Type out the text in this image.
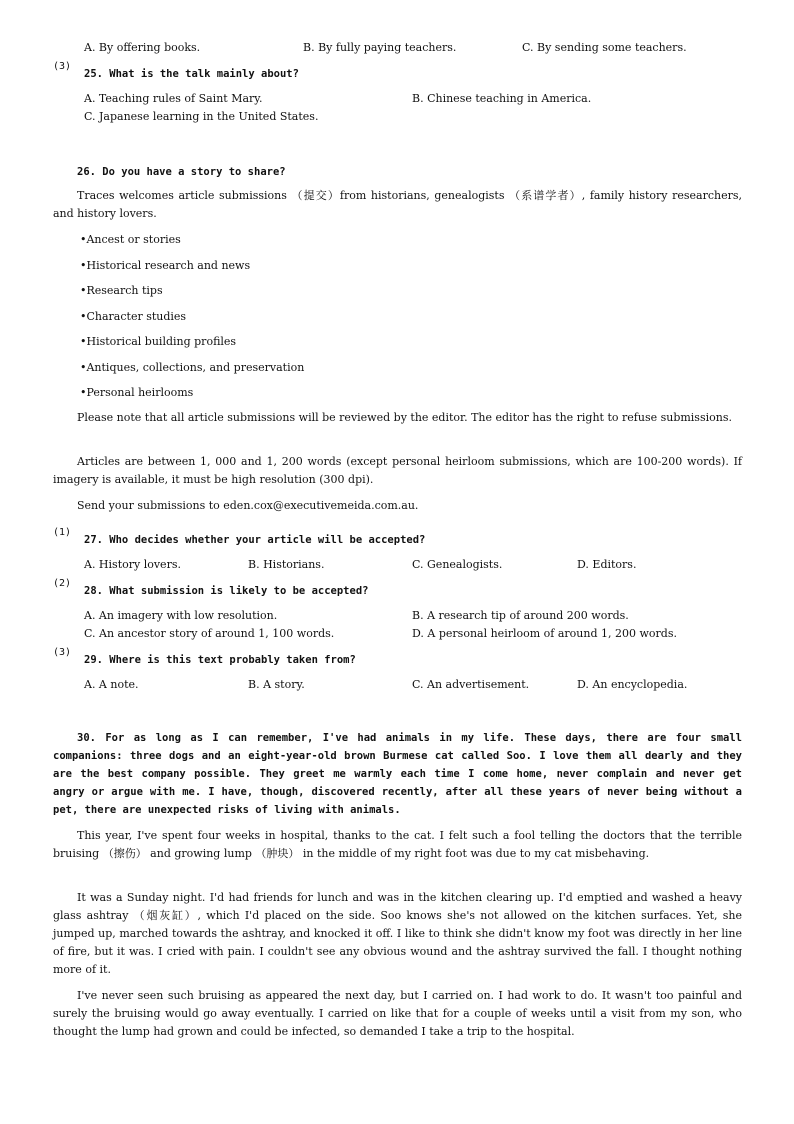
A. By offering books.	B. By fully paying teachers.	C. By sending some teachers.
(3)
25. What is the talk mainly about?
A. Teaching rules of Saint Mary.	B. Chinese teaching in America.
C. Japanese learning in the United States.
26. Do you have a story to share?
Traces welcomes article submissions （提交）from historians, genealogists （系谱学者）, family history researchers, and history lovers.
•Ancest or stories
•Historical research and news
•Research tips
•Character studies
•Historical building profiles
•Antiques, collections, and preservation
•Personal heirlooms
Please note that all article submissions will be reviewed by the editor. The editor has the right to refuse submissions.
Articles are between 1, 000 and 1, 200 words (except personal heirloom submissions, which are 100-200 words). If imagery is available, it must be high resolution (300 dpi).
Send your submissions to eden.cox@executivemeida.com.au.
(1)
27. Who decides whether your article will be accepted?
A. History lovers.	B. Historians.	C. Genealogists.	D. Editors.
(2)
28. What submission is likely to be accepted?
A. An imagery with low resolution.	B. A research tip of around 200 words.
C. An ancestor story of around 1, 100 words.	D. A personal heirloom of around 1, 200 words.
(3)
29. Where is this text probably taken from?
A. A note.	B. A story.	C. An advertisement.	D. An encyclopedia.
30. For as long as I can remember, I've had animals in my life. These days, there are four small companions: three dogs and an eight-year-old brown Burmese cat called Soo. I love them all dearly and they are the best company possible. They greet me warmly each time I come home, never complain and never get angry or argue with me. I have, though, discovered recently, after all these years of never being without a pet, there are unexpected risks of living with animals.
This year, I've spent four weeks in hospital, thanks to the cat. I felt such a fool telling the doctors that the terrible bruising （擦伤） and growing lump （肿块） in the middle of my right foot was due to my cat misbehaving.
It was a Sunday night. I'd had friends for lunch and was in the kitchen clearing up. I'd emptied and washed a heavy glass ashtray （烟灰缸）, which I'd placed on the side. Soo knows she's not allowed on the kitchen surfaces. Yet, she jumped up, marched towards the ashtray, and knocked it off. I like to think she didn't know my foot was directly in her line of fire, but it was. I cried with pain. I couldn't see any obvious wound and the ashtray survived the fall. I thought nothing more of it.
I've never seen such bruising as appeared the next day, but I carried on. I had work to do. It wasn't too painful and surely the bruising would go away eventually. I carried on like that for a couple of weeks until a visit from my son, who thought the lump had grown and could be infected, so demanded I take a trip to the hospital.
